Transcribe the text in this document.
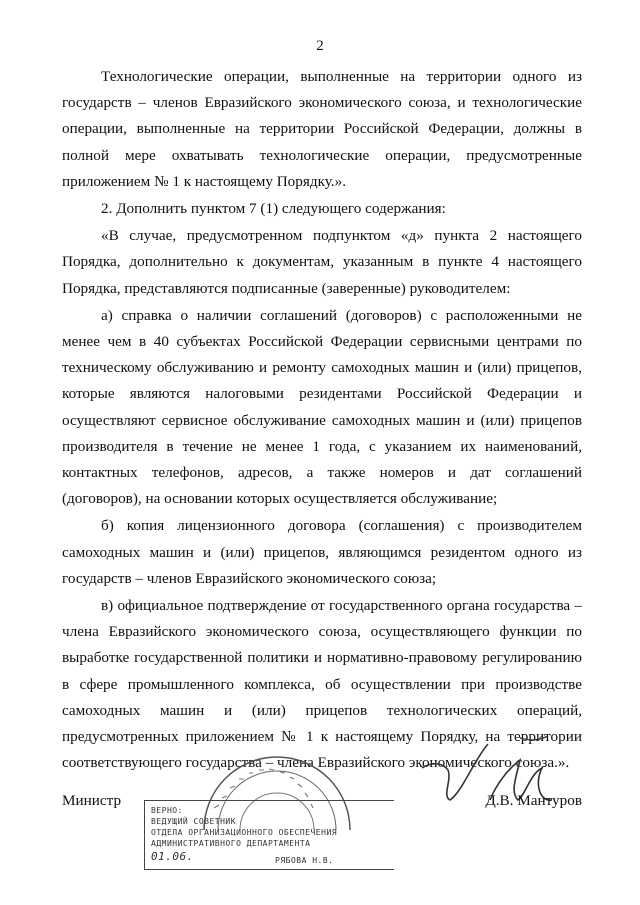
2

Технологические операции, выполненные на территории одного из государств – членов Евразийского экономического союза, и технологические операции, выполненные на территории Российской Федерации, должны в полной мере охватывать технологические операции, предусмотренные приложением № 1 к настоящему Порядку.».

2. Дополнить пунктом 7 (1) следующего содержания:

«В случае, предусмотренном подпунктом «д» пункта 2 настоящего Порядка, дополнительно к документам, указанным в пункте 4 настоящего Порядка, представляются подписанные (заверенные) руководителем:

а) справка о наличии соглашений (договоров) с расположенными не менее чем в 40 субъектах Российской Федерации сервисными центрами по техническому обслуживанию и ремонту самоходных машин и (или) прицепов, которые являются налоговыми резидентами Российской Федерации и осуществляют сервисное обслуживание самоходных машин и (или) прицепов производителя в течение не менее 1 года, с указанием их наименований, контактных телефонов, адресов, а также номеров и дат соглашений (договоров), на основании которых осуществляется обслуживание;

б) копия лицензионного договора (соглашения) с производителем самоходных машин и (или) прицепов, являющимся резидентом одного из государств – членов Евразийского экономического союза;

в) официальное подтверждение от государственного органа государства – члена Евразийского экономического союза, осуществляющего функции по выработке государственной политики и нормативно-правовому регулированию в сфере промышленного комплекса, об осуществлении при производстве самоходных машин и (или) прицепов технологических операций, предусмотренных приложением № 1 к настоящему Порядку, на территории соответствующего государства – члена Евразийского экономического союза.».

Министр	Д.В. Мантуров
ВЕРНО:
ВЕДУЩИЙ СОВЕТНИК
ОТДЕЛА ОРГАНИЗАЦИОННОГО ОБЕСПЕЧЕНИЯ
АДМИНИСТРАТИВНОГО ДЕПАРТАМЕНТА
01.06.	РЯБОВА Н.В.
